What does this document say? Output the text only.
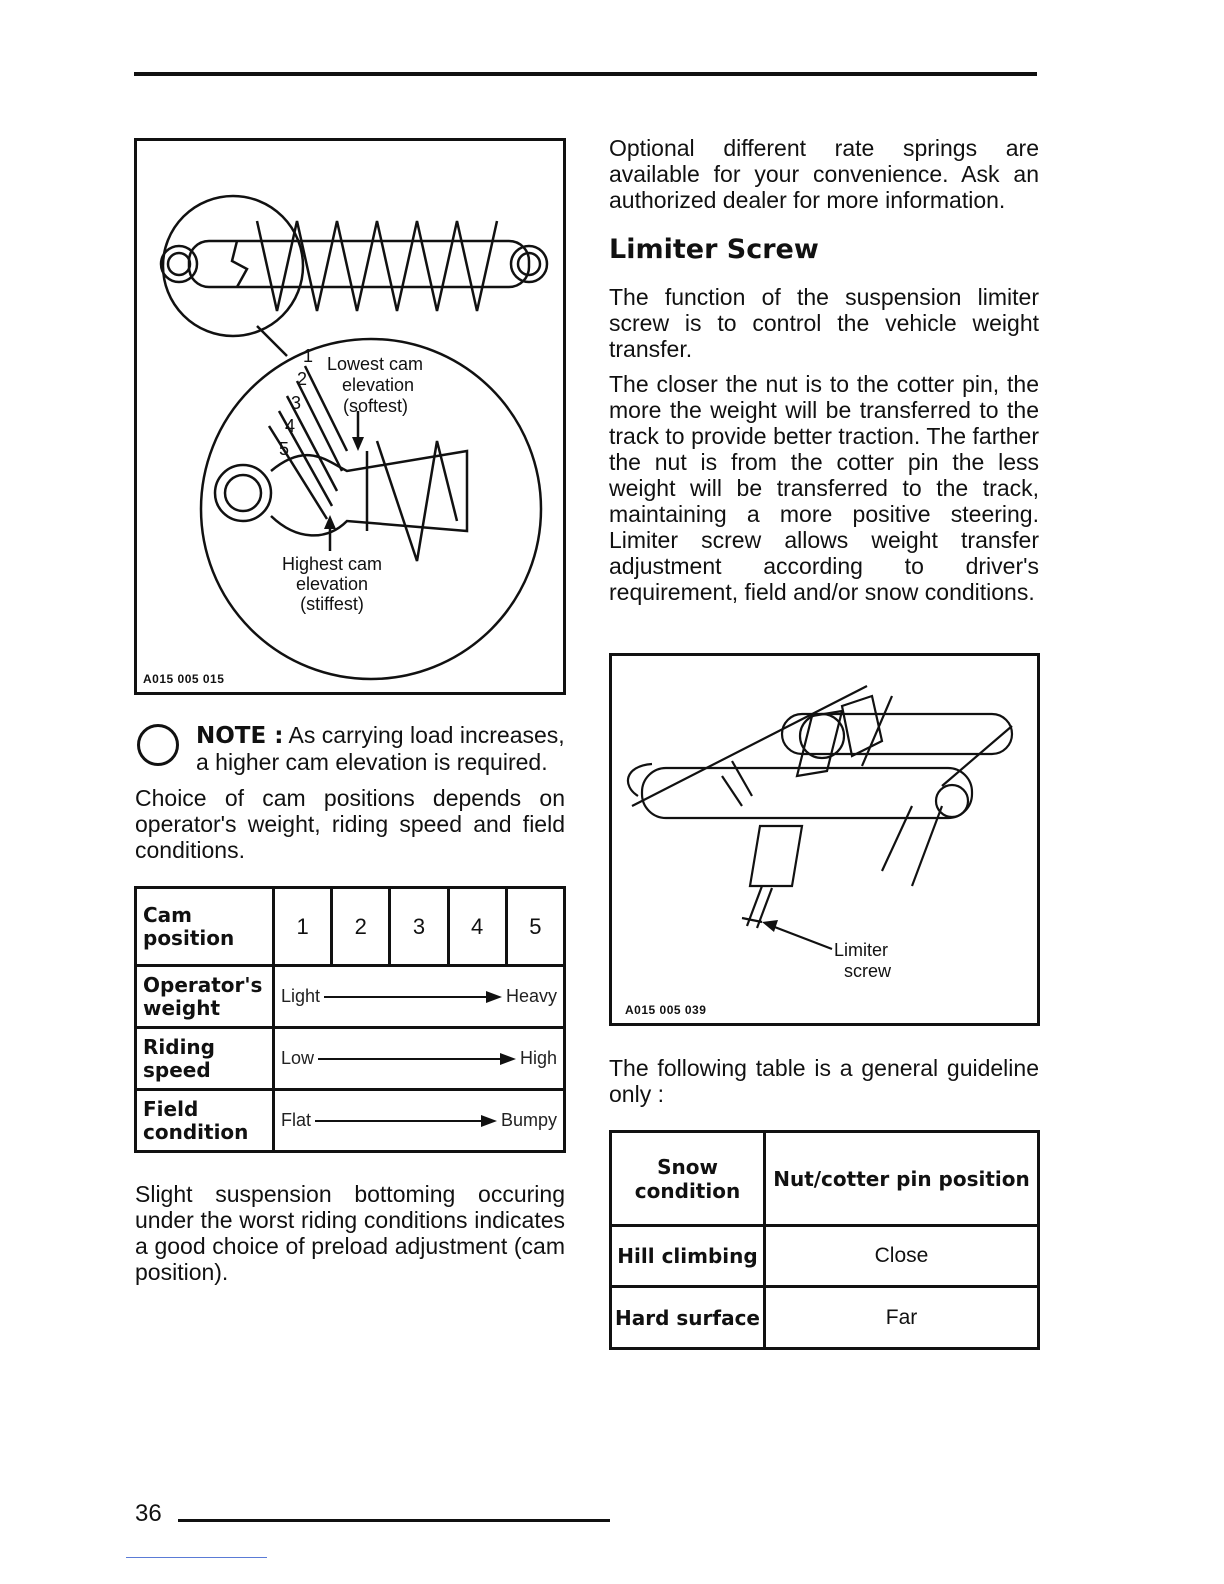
1
2
3
4
5
Lowest cam
elevation
(softest)
Highest cam
elevation
(stiffest)
A015 005 015
NOTE : As carrying load increases,
a higher cam elevation is required.

Choice of cam positions depends on operator's weight, riding speed and field conditions.

Cam position	1	2	3	4	5
Operator's weight	Light Heavy				

Riding speed	Low High				

Field condition	Flat Bumpy				

Slight suspension bottoming occuring under the worst riding conditions indicates a good choice of preload adjustment (cam position).

Optional different rate springs are available for your convenience. Ask an authorized dealer for more information.

Limiter Screw

The function of the suspension limiter screw is to control the vehicle weight transfer.

The closer the nut is to the cotter pin, the more the weight will be transferred to the track to provide better traction. The farther the nut is from the cotter pin the less weight will be transferred to the track, maintaining a more positive steering. Limiter screw allows weight transfer adjustment according to driver's requirement, field and/or snow conditions.

Limiter
screw
A015 005 039

The following table is a general guideline only :

Snow condition	Nut/cotter pin position
Hill climbing	Close
Hard surface	Far
36
